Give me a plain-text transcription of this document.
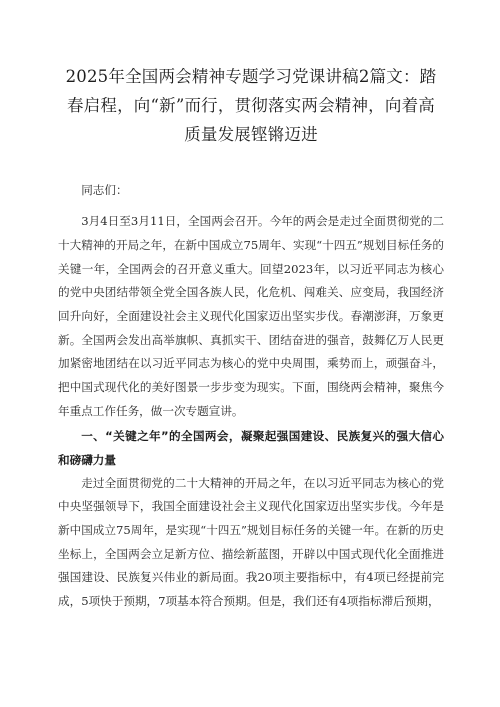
2025年全国两会精神专题学习党课讲稿2篇文：踏春启程，向“新”而行，贯彻落实两会精神，向着高质量发展铿锵迈进

同志们：

3月4日至3月11日，全国两会召开。今年的两会是走过全面贯彻党的二十大精神的开局之年，在新中国成立75周年、实现“十四五”规划目标任务的关键一年，全国两会的召开意义重大。回望2023年，以习近平同志为核心的党中央团结带领全党全国各族人民，化危机、闯难关、应变局，我国经济回升向好，全面建设社会主义现代化国家迈出坚实步伐。春潮澎湃，万象更新。全国两会发出高举旗帜、真抓实干、团结奋进的强音，鼓舞亿万人民更加紧密地团结在以习近平同志为核心的党中央周围，乘势而上，顽强奋斗，把中国式现代化的美好图景一步步变为现实。下面，围绕两会精神，聚焦今年重点工作任务，做一次专题宣讲。

一、“关键之年”的全国两会，凝聚起强国建设、民族复兴的强大信心和磅礴力量

走过全面贯彻党的二十大精神的开局之年，在以习近平同志为核心的党中央坚强领导下，我国全面建设社会主义现代化国家迈出坚实步伐。今年是新中国成立75周年，是实现“十四五”规划目标任务的关键一年。在新的历史坐标上，全国两会立足新方位、描绘新蓝图，开辟以中国式现代化全面推进强国建设、民族复兴伟业的新局面。我20项主要指标中，有4项已经提前完成，5项快于预期，7项基本符合预期。但是，我们还有4项指标滞后预期，
